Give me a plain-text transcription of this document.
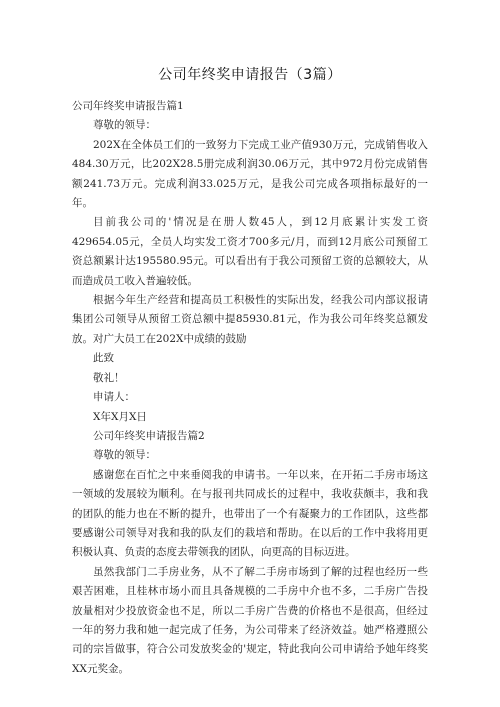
公司年终奖申请报告（3篇）

公司年终奖申请报告篇1

尊敬的领导：

202X在全体员工们的一致努力下完成工业产值930万元，完成销售收入484.30万元，比202X28.5册完成利润30.06万元，其中972月份完成销售额241.73万元。完成利润33.025万元，是我公司完成各项指标最好的一年。

目前我公司的'情况是在册人数45人，到12月底累计实发工资429654.05元，全员人均实发工资才700多元/月，而到12月底公司预留工资总额累计达195580.95元。可以看出有于我公司预留工资的总额较大，从而造成员工收入普遍较低。

根据今年生产经营和提高员工积极性的实际出发，经我公司内部议报请集团公司领导从预留工资总额中提85930.81元，作为我公司年终奖总额发放。对广大员工在202X中成绩的鼓励

此致

敬礼！

申请人：

X年X月X日

公司年终奖申请报告篇2

尊敬的领导：

感谢您在百忙之中来垂阅我的申请书。一年以来，在开拓二手房市场这一领域的发展较为顺利。在与报刊共同成长的过程中，我收获颇丰，我和我的团队的能力也在不断的提升，也带出了一个有凝聚力的工作团队，这些都要感谢公司领导对我和我的队友们的栽培和帮助。在以后的工作中我将用更积极认真、负责的态度去带领我的团队，向更高的目标迈进。

虽然我部门二手房业务，从不了解二手房市场到了解的过程也经历一些艰苦困难，且桂林市场小而且具备规模的二手房中介也不多，二手房广告投放量相对少投放资金也不足，所以二手房广告费的价格也不是很高，但经过一年的努力我和她一起完成了任务，为公司带来了经济效益。她严格遵照公司的宗旨做事，符合公司发放奖金的'规定，特此我向公司申请给予她年终奖XX元奖金。
